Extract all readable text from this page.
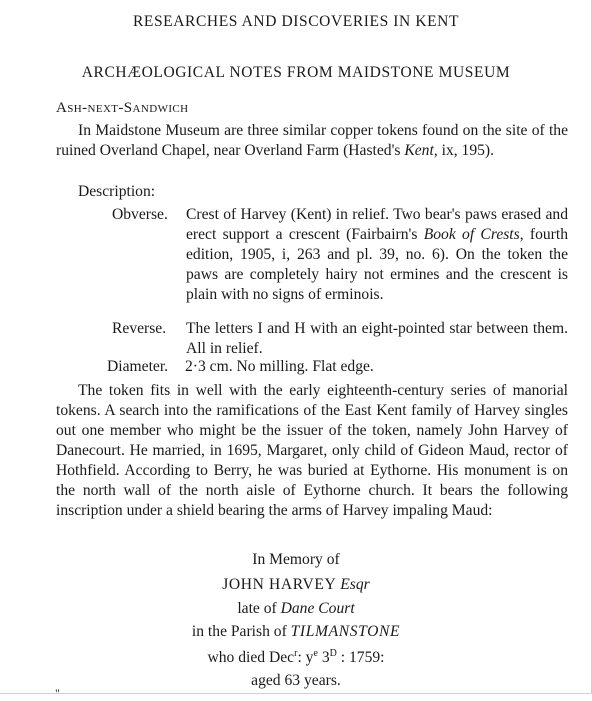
RESEARCHES AND DISCOVERIES IN KENT
ARCHÆOLOGICAL NOTES FROM MAIDSTONE MUSEUM
Ash-next-Sandwich
In Maidstone Museum are three similar copper tokens found on the site of the ruined Overland Chapel, near Overland Farm (Hasted's Kent, ix, 195).
Description:
Obverse. Crest of Harvey (Kent) in relief. Two bear's paws erased and erect support a crescent (Fairbairn's Book of Crests, fourth edition, 1905, i, 263 and pl. 39, no. 6). On the token the paws are completely hairy not ermines and the crescent is plain with no signs of erminois.
Reverse. The letters I and H with an eight-pointed star between them. All in relief.
Diameter. 2·3 cm. No milling. Flat edge.
The token fits in well with the early eighteenth-century series of manorial tokens. A search into the ramifications of the East Kent family of Harvey singles out one member who might be the issuer of the token, namely John Harvey of Danecourt. He married, in 1695, Margaret, only child of Gideon Maud, rector of Hothfield. According to Berry, he was buried at Eythorne. His monument is on the north wall of the north aisle of Eythorne church. It bears the following inscription under a shield bearing the arms of Harvey impaling Maud:
In Memory of
JOHN HARVEY Esqr
late of Dane Court
in the Parish of TILMANSTONE
who died Dec$^r$: $y^e$ $3^D$ : 1759:
aged 63 years.
"
